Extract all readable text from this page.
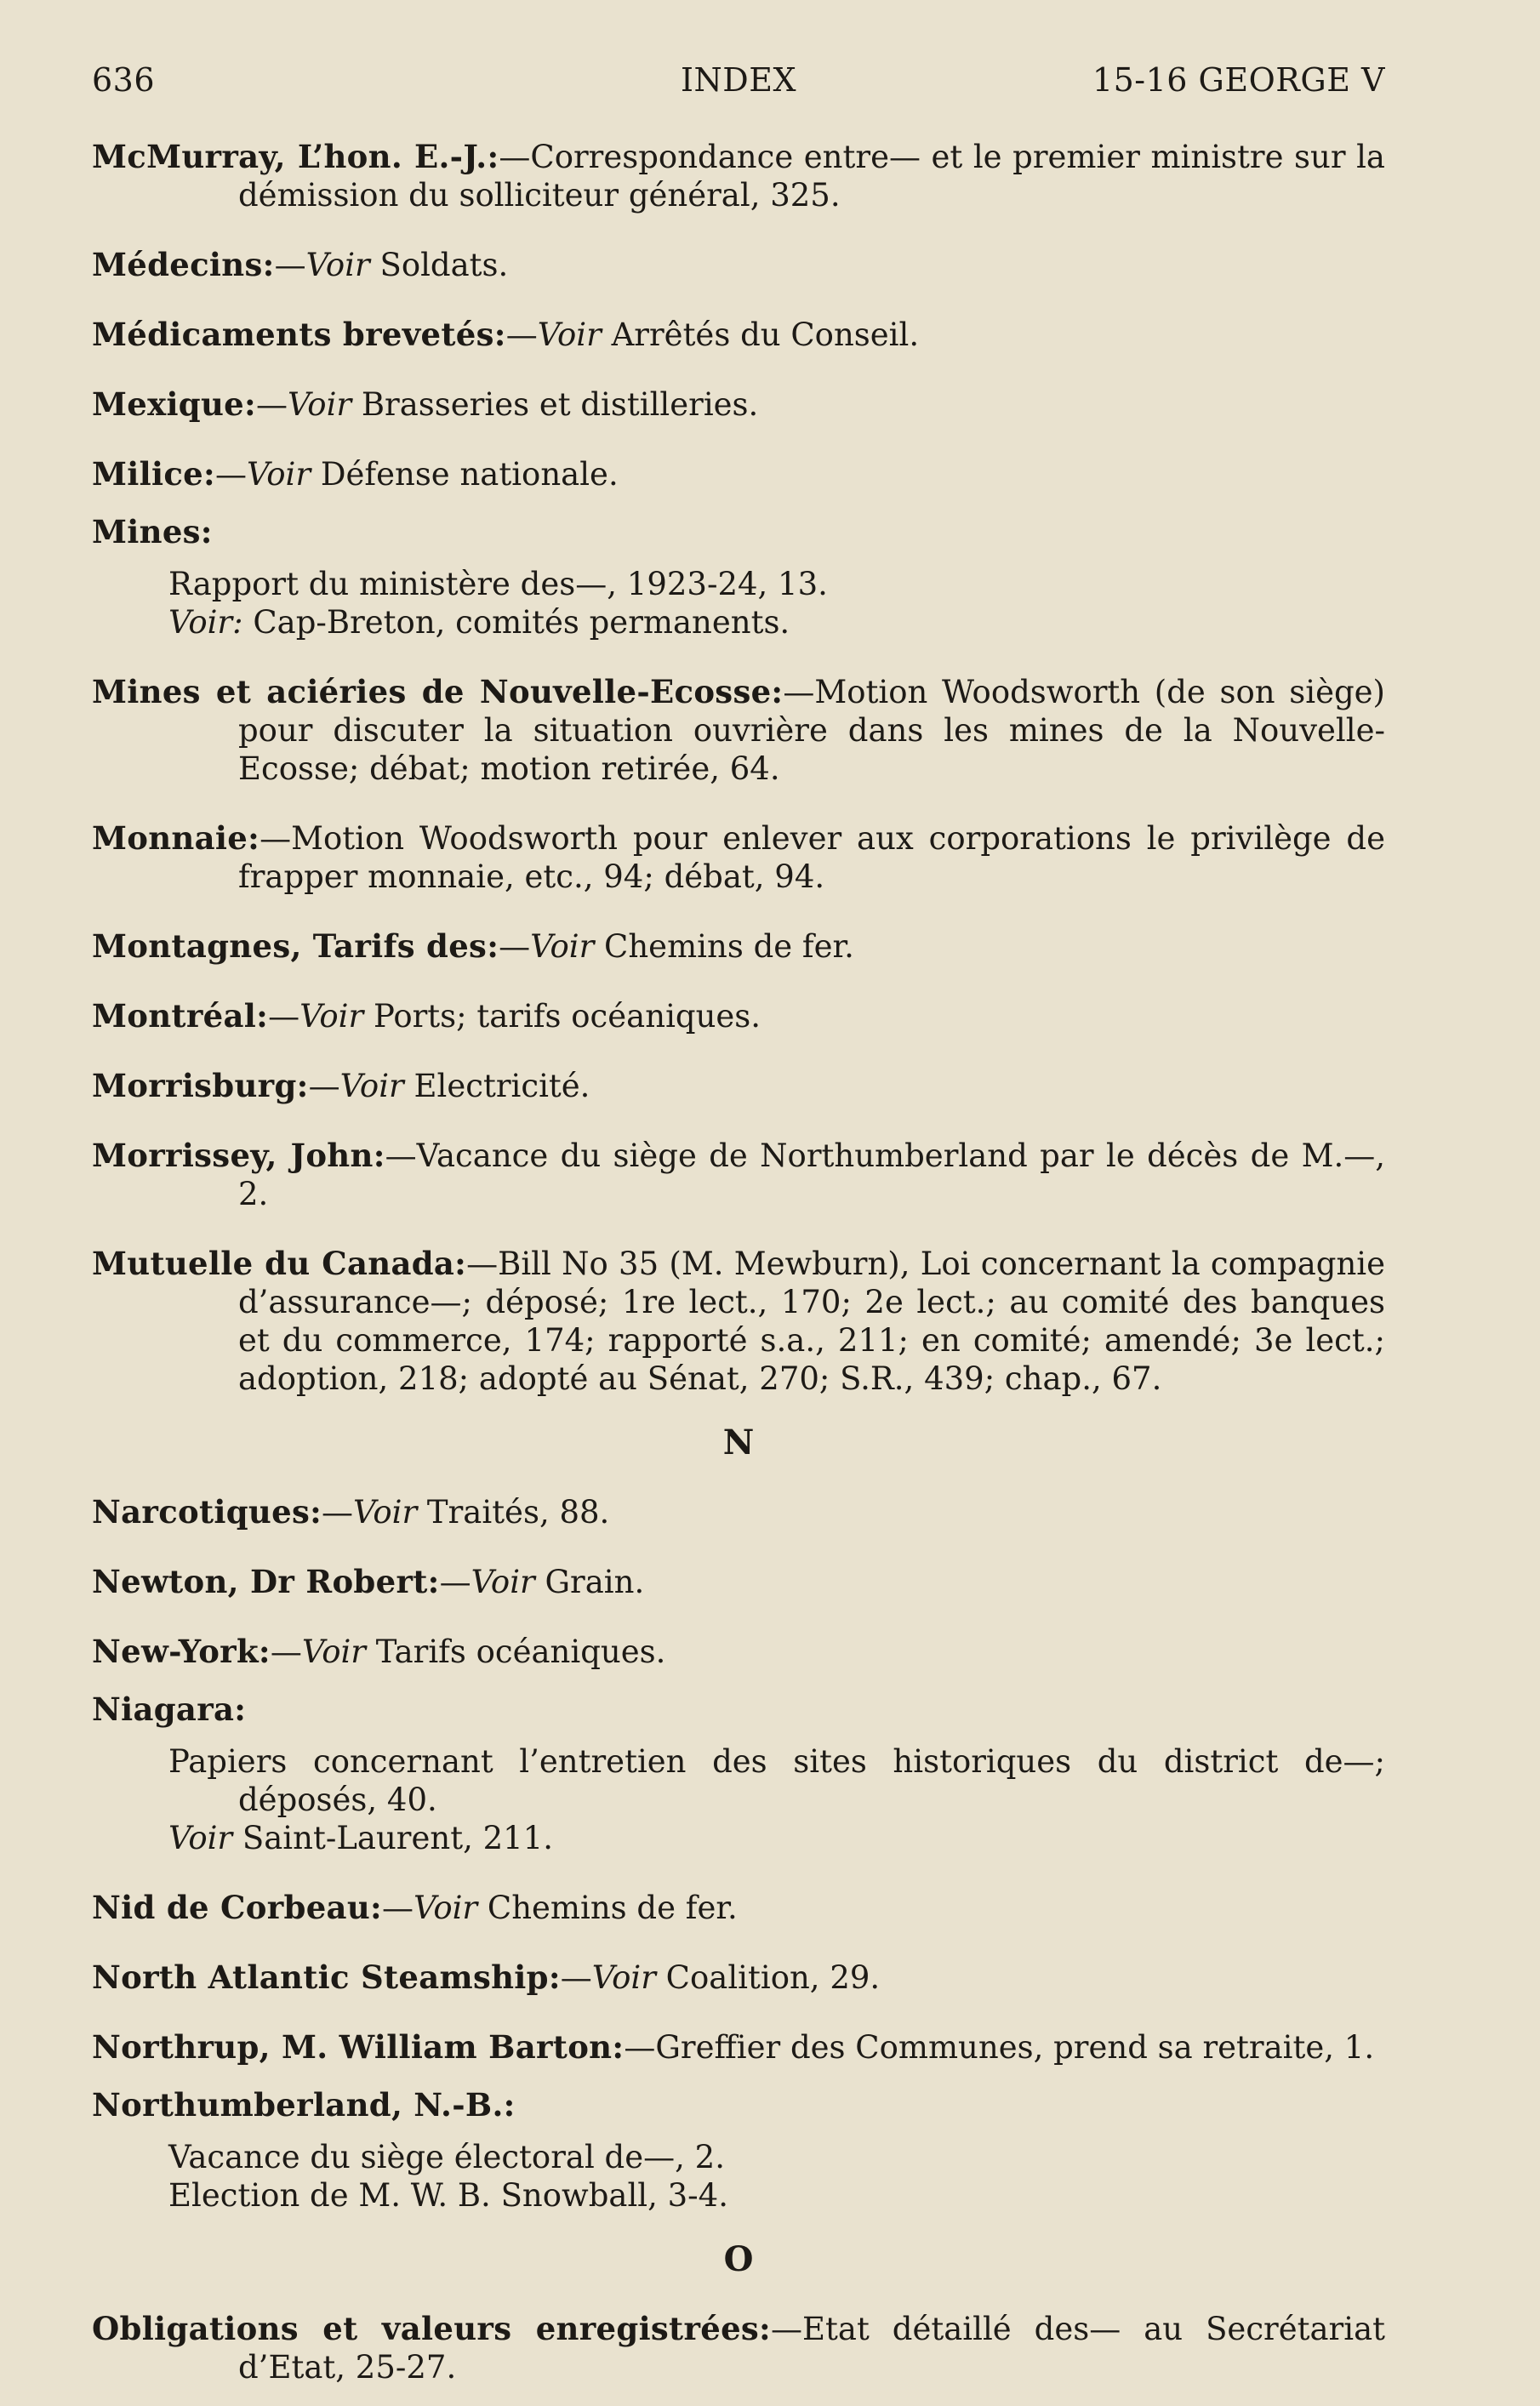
636	INDEX	15-16 GEORGE V

McMurray, L’hon. E.-J.:—Correspondance entre— et le premier ministre sur la démission du solliciteur général, 325.

Médecins:—Voir Soldats.

Médicaments brevetés:—Voir Arrêtés du Conseil.

Mexique:—Voir Brasseries et distilleries.

Milice:—Voir Défense nationale.

Mines:
Rapport du ministère des—, 1923-24, 13.
Voir: Cap-Breton, comités permanents.

Mines et aciéries de Nouvelle-Ecosse:—Motion Woodsworth (de son siège) pour discuter la situation ouvrière dans les mines de la Nouvelle-Ecosse; débat; motion retirée, 64.

Monnaie:—Motion Woodsworth pour enlever aux corporations le privilège de frapper monnaie, etc., 94; débat, 94.

Montagnes, Tarifs des:—Voir Chemins de fer.

Montréal:—Voir Ports; tarifs océaniques.

Morrisburg:—Voir Electricité.

Morrissey, John:—Vacance du siège de Northumberland par le décès de M.—, 2.

Mutuelle du Canada:—Bill No 35 (M. Mewburn), Loi concernant la compagnie d’assurance—; déposé; 1re lect., 170; 2e lect.; au comité des banques et du commerce, 174; rapporté s.a., 211; en comité; amendé; 3e lect.; adoption, 218; adopté au Sénat, 270; S.R., 439; chap., 67.

N

Narcotiques:—Voir Traités, 88.

Newton, Dr Robert:—Voir Grain.

New-York:—Voir Tarifs océaniques.

Niagara:
Papiers concernant l’entretien des sites historiques du district de—; déposés, 40.
Voir Saint-Laurent, 211.

Nid de Corbeau:—Voir Chemins de fer.

North Atlantic Steamship:—Voir Coalition, 29.

Northrup, M. William Barton:—Greffier des Communes, prend sa retraite, 1.

Northumberland, N.-B.:
Vacance du siège électoral de—, 2.
Election de M. W. B. Snowball, 3-4.
O

Obligations et valeurs enregistrées:—Etat détaillé des— au Secrétariat d’Etat, 25-27.
